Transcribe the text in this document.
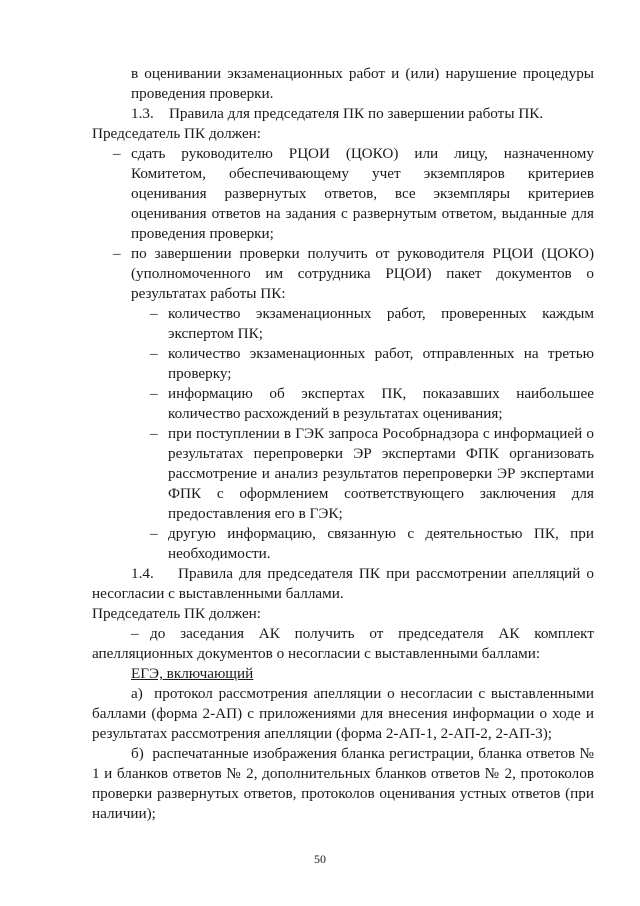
в оценивании экзаменационных работ и (или) нарушение процедуры

проведения проверки.

1.3.    Правила для председателя ПК по завершении работы ПК.

Председатель ПК должен:

– сдать руководителю РЦОИ (ЦОКО) или лицу, назначенному Комитетом, обеспечивающему учет экземпляров критериев оценивания развернутых ответов, все экземпляры критериев оценивания ответов на задания с развернутым ответом, выданные для проведения проверки;

– по завершении проверки получить от руководителя РЦОИ (ЦОКО) (уполномоченного им сотрудника РЦОИ) пакет документов о результатах работы ПК:

– количество экзаменационных работ, проверенных каждым экспертом ПК;

– количество экзаменационных работ, отправленных на третью проверку;

– информацию об экспертах ПК, показавших наибольшее количество расхождений в результатах оценивания;

– при поступлении в ГЭК запроса Рособрнадзора с информацией о результатах перепроверки ЭР экспертами ФПК организовать рассмотрение и анализ результатов перепроверки ЭР экспертами ФПК с оформлением соответствующего заключения для предоставления его в ГЭК;

– другую информацию, связанную с деятельностью ПК, при необходимости.

1.4.    Правила для председателя ПК при рассмотрении апелляций о несогласии с выставленными баллами.

Председатель ПК должен:

– до заседания АК получить от председателя АК комплект апелляционных документов о несогласии с выставленными баллами:

ЕГЭ, включающий

а)  протокол рассмотрения апелляции о несогласии с выставленными баллами (форма 2-АП) с приложениями для внесения информации о ходе и результатах рассмотрения апелляции (форма 2-АП-1, 2-АП-2, 2-АП-3);

б)  распечатанные изображения бланка регистрации, бланка ответов № 1 и бланков ответов № 2, дополнительных бланков ответов № 2, протоколов проверки развернутых ответов, протоколов оценивания устных ответов (при наличии);

50
